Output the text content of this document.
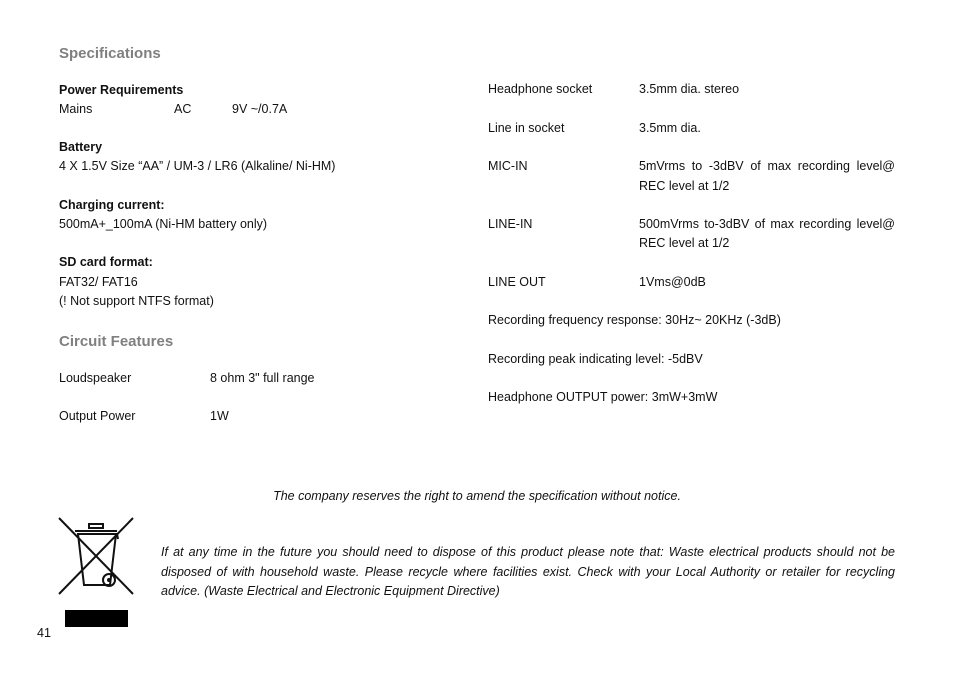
Specifications
Power Requirements
Mains	AC	9V ~/0.7A
Battery
4 X 1.5V Size “AA” / UM-3 / LR6 (Alkaline/ Ni-HM)
Charging current:
500mA+_100mA (Ni-HM battery only)
SD card format:
FAT32/ FAT16
(! Not support NTFS format)
Circuit Features
Loudspeaker	8 ohm 3" full range
Output Power	1W
Headphone socket	3.5mm dia. stereo
Line in socket	3.5mm dia.
MIC-IN	5mVrms to -3dBV of max recording level@
REC level at 1/2
LINE-IN	500mVrms to-3dBV of max recording level@
REC level at 1/2
LINE OUT	1Vms@0dB
Recording frequency response: 30Hz~ 20KHz (-3dB)
Recording peak indicating level: -5dBV
Headphone OUTPUT power: 3mW+3mW
The company reserves the right to amend the specification without notice.
If at any time in the future you should need to dispose of this product please note that: Waste electrical products should not be disposed of with household waste. Please recycle where facilities exist. Check with your Local Authority or retailer for recycling advice. (Waste Electrical and Electronic Equipment Directive)
41
